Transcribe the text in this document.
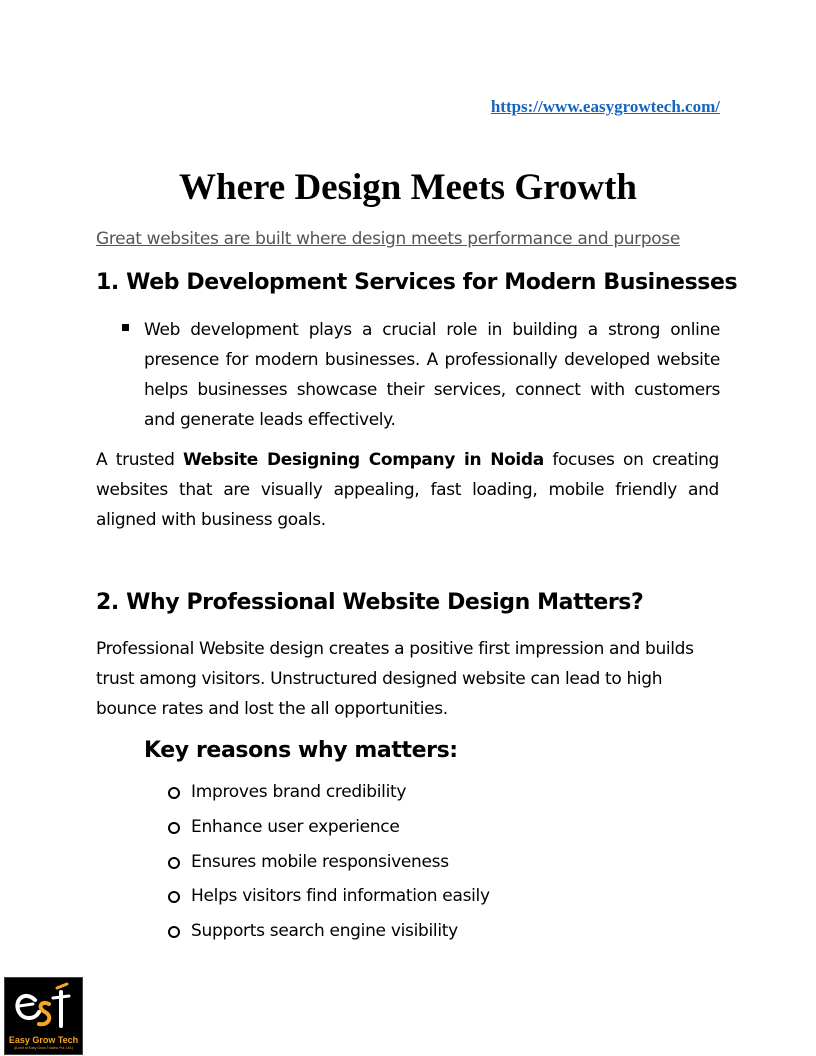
https://www.easygrowtech.com/
Where Design Meets Growth

Great websites are built where design meets performance and purpose

1. Web Development Services for Modern Businesses
Web development plays a crucial role in building a strong online presence for modern businesses. A professionally developed website helps businesses showcase their services, connect with customers and generate leads effectively.

A trusted Website Designing Company in Noida focuses on creating websites that are visually appealing, fast loading, mobile friendly and aligned with business goals.

2. Why Professional Website Design Matters?

Professional Website design creates a positive first impression and builds trust among visitors. Unstructured designed website can lead to high bounce rates and lost the all opportunities.

Key reasons why matters:
Improves brand credibility
Enhance user experience
Ensures mobile responsiveness
Helps visitors find information easily
Supports search engine visibility
Easy Grow Tech
(A unit of Easy Grow Tradinc Pvt. Ltd.)
